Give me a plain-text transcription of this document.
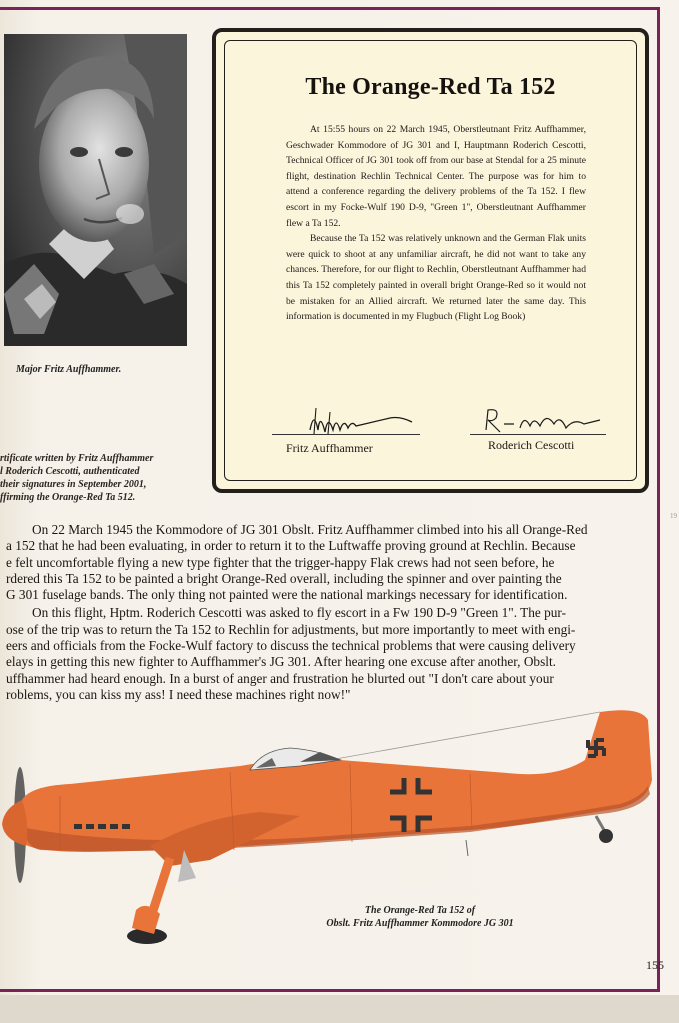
Major Fritz Auffhammer.
The Orange-Red Ta 152

At 15:55 hours on 22 March 1945, Oberstleutnant Fritz Auffhammer, Geschwader Kommodore of JG 301 and I, Hauptmann Roderich Cescotti, Technical Officer of JG 301 took off from our base at Stendal for a 25 minute flight, destination Rechlin Technical Center. The purpose was for him to attend a conference regarding the delivery problems of the Ta 152. I flew escort in my Focke-Wulf 190 D-9, "Green 1", Oberstleutnant Auffhammer flew a Ta 152.

Because the Ta 152 was relatively unknown and the German Flak units were quick to shoot at any unfamiliar aircraft, he did not want to take any chances. Therefore, for our flight to Rechlin, Oberstleutnant Auffhammer had this Ta 152 completely painted in overall bright Orange-Red so it would not be mistaken for an Allied aircraft. We returned later the same day. This information is documented in my Flugbuch (Flight Log Book)

Fritz Auffhammer	Roderich Cescotti
rtificate written by Fritz Auffhammer
l Roderich Cescotti, authenticated
their signatures in September 2001,
ffirming the Orange-Red Ta 512.
19
On 22 March 1945 the Kommodore of JG 301 Obslt. Fritz Auffhammer climbed into his all Orange-Red
a 152 that he had been evaluating, in order to return it to the Luftwaffe proving ground at Rechlin. Because
e felt uncomfortable flying a new type fighter that the trigger-happy Flak crews had not seen before, he
rdered this Ta 152 to be painted a bright Orange-Red overall, including the spinner and over painting the
G 301 fuselage bands. The only thing not painted were the national markings necessary for identification.
On this flight, Hptm. Roderich Cescotti was asked to fly escort in a Fw 190 D-9 "Green 1". The pur-
ose of the trip was to return the Ta 152 to Rechlin for adjustments, but more importantly to meet with engi-
eers and officials from the Focke-Wulf factory to discuss the technical problems that were causing delivery
elays in getting this new fighter to Auffhammer's JG 301. After hearing one excuse after another, Obslt.
uffhammer had heard enough. In a burst of anger and frustration he blurted out "I don't care about your
roblems, you can kiss my ass! I need these machines right now!"
The Orange-Red Ta 152 of
Obslt. Fritz Auffhammer Kommodore JG 301
155
